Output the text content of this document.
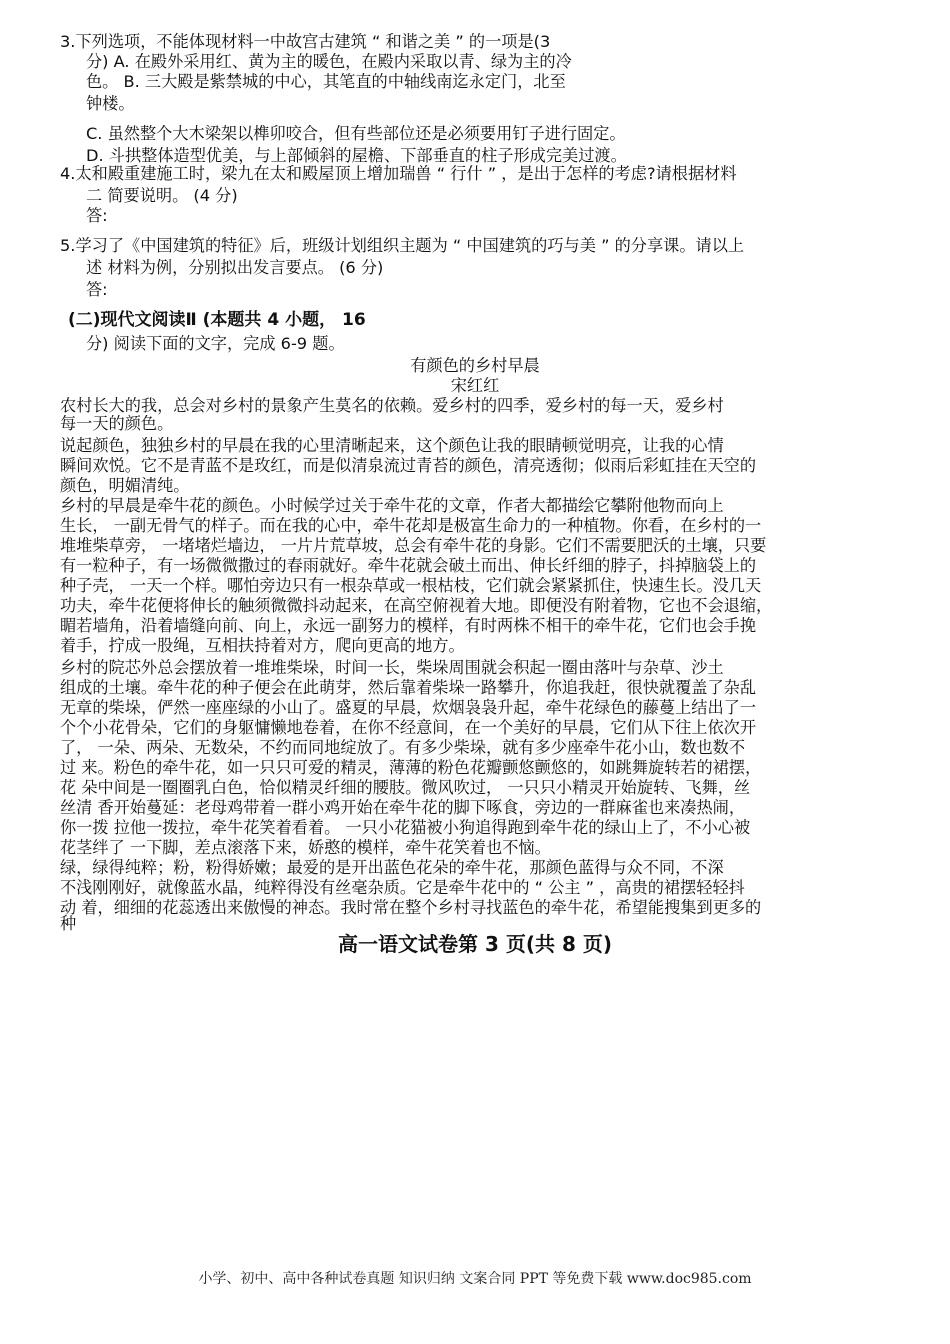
3.下列选项，不能体现材料一中故宫古建筑 “ 和谐之美 ” 的一项是(3
分) A. 在殿外采用红、黄为主的暖色，在殿内采取以青、绿为主的冷
色。 B. 三大殿是紫禁城的中心，其笔直的中轴线南迄永定门，北至
钟楼。
C. 虽然整个大木梁架以榫卯咬合，但有些部位还是必须要用钉子进行固定。
D. 斗拱整体造型优美，与上部倾斜的屋檐、下部垂直的柱子形成完美过渡。
4.太和殿重建施工时，梁九在太和殿屋顶上增加瑞兽 “ 行什 ” ，是出于怎样的考虑?请根据材料
二 简要说明。 (4 分)
答:
5.学习了《中国建筑的特征》后，班级计划组织主题为 “ 中国建筑的巧与美 ” 的分享课。请以上
述 材料为例，分别拟出发言要点。 (6 分)
答:
(二)现代文阅读Ⅱ (本题共 4 小题， 16
分) 阅读下面的文字，完成 6-9 题。
有颜色的乡村早晨
宋红红
农村长大的我，总会对乡村的景象产生莫名的依赖。爱乡村的四季，爱乡村的每一天，爱乡村
每一天的颜色。
说起颜色，独独乡村的早晨在我的心里清晰起来，这个颜色让我的眼睛顿觉明亮，让我的心情
瞬间欢悦。它不是青蓝不是玫红，而是似清泉流过青苔的颜色，清亮透彻；似雨后彩虹挂在天空的
颜色，明媚清纯。
乡村的早晨是牵牛花的颜色。小时候学过关于牵牛花的文章，作者大都描绘它攀附他物而向上
生长， 一副无骨气的样子。而在我的心中，牵牛花却是极富生命力的一种植物。你看，在乡村的一
堆堆柴草旁， 一堵堵烂墙边， 一片片荒草坡，总会有牵牛花的身影。它们不需要肥沃的土壤，只要
有一粒种子，有一场微微撒过的春雨就好。牵牛花就会破土而出、伸长纤细的脖子，抖掉脑袋上的
种子壳， 一天一个样。哪怕旁边只有一根杂草或一根枯枝，它们就会紧紧抓住，快速生长。没几天
功夫，牵牛花便将伸长的触须微微抖动起来，在高空俯视着大地。即便没有附着物，它也不会退缩，
睸若墙角，沿着墙缝向前、向上，永远一副努力的模样，有时两株不相干的牵牛花，它们也会手挽
着手，拧成一股绳，互相扶持着对方，爬向更高的地方。
乡村的院芯外总会摆放着一堆堆柴垛，时间一长，柴垛周围就会积起一圈由落叶与杂草、沙土
组成的土壤。牵牛花的种子便会在此萌芽，然后靠着柴垛一路攀升，你追我赶，很快就覆盖了杂乱
无章的柴垛，俨然一座座绿的小山了。盛夏的早晨，炊烟袅袅升起，牵牛花绿色的藤蔓上结出了一
个个小花骨朵，它们的身躯慵懒地卷着，在你不经意间，在一个美好的早晨，它们从下往上依次开
了， 一朵、两朵、无数朵，不约而同地绽放了。有多少柴垛，就有多少座牵牛花小山，数也数不
过 来。粉色的牵牛花，如一只只可爱的精灵，薄薄的粉色花瓣颤悠颤悠的，如跳舞旋转若的裙摆，
花 朵中间是一圈圈乳白色，恰似精灵纤细的腰肢。微风吹过， 一只只小精灵开始旋转、飞舞，丝
丝清 香开始蔓延：老母鸡带着一群小鸡开始在牵牛花的脚下啄食，旁边的一群麻雀也来凑热闹，
你一拨 拉他一拨拉，牵牛花笑着看着。 一只小花猫被小狗追得跑到牵牛花的绿山上了，不小心被
花茎绊了 一下脚，差点滚落下来，娇憨的模样，牵牛花笑着也不恼。
绿，绿得纯粹；粉，粉得娇嫩；最爱的是开出蓝色花朵的牵牛花，那颜色蓝得与众不同，不深
不浅刚刚好，就像蓝水晶，纯粹得没有丝毫杂质。它是牵牛花中的 “ 公主 ” ，高贵的裙摆轻轻抖
动 着，细细的花蕊透出来傲慢的神态。我时常在整个乡村寻找蓝色的牵牛花，希望能搜集到更多的
种
高一语文试卷第 3 页(共 8 页)
小学、初中、高中各种试卷真题 知识归纳 文案合同 PPT 等免费下载 www.doc985.com
